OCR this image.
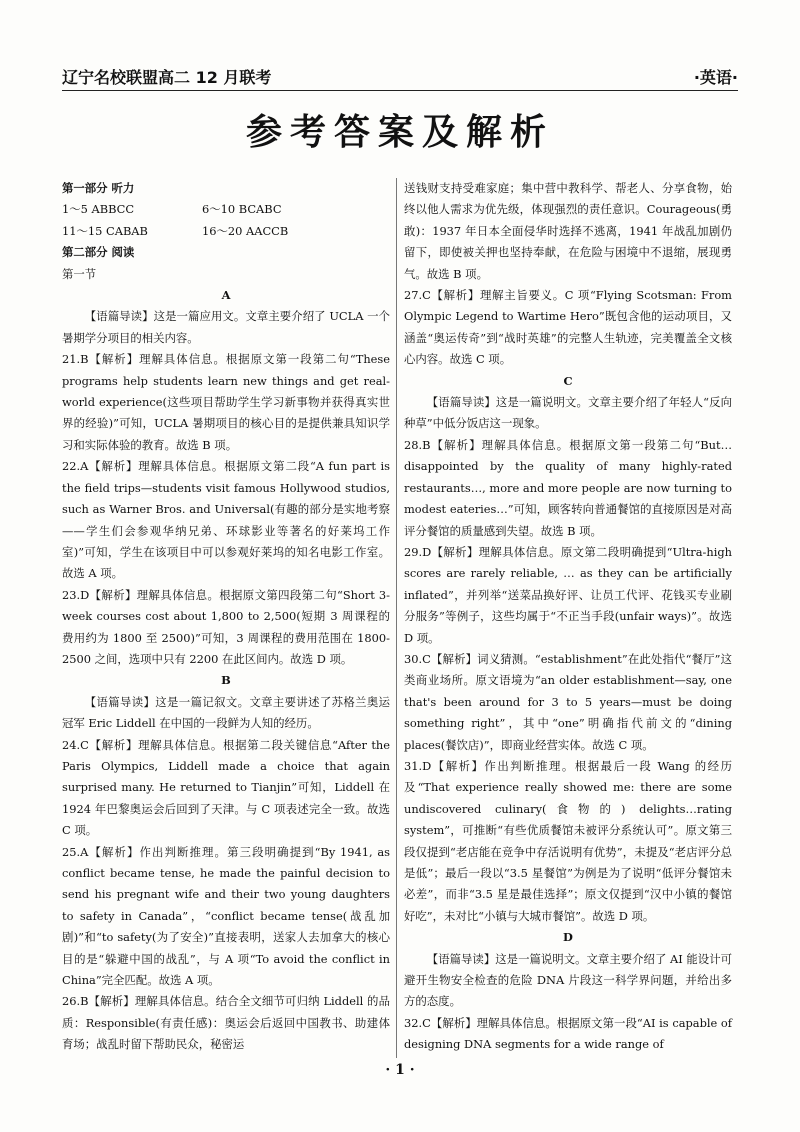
辽宁名校联盟高二 12 月联考	·英语·
参考答案及解析
第一部分 听力
1～5 ABBCC	6～10 BCABC
11～15 CABAB	16～20 AACCB
第二部分 阅读
第一节
A
【语篇导读】这是一篇应用文。文章主要介绍了 UCLA 一个暑期学分项目的相关内容。
21.B【解析】理解具体信息。根据原文第一段第二句“These programs help students learn new things and get real-world experience(这些项目帮助学生学习新事物并获得真实世界的经验)”可知，UCLA 暑期项目的核心目的是提供兼具知识学习和实际体验的教育。故选 B 项。
22.A【解析】理解具体信息。根据原文第二段“A fun part is the field trips—students visit famous Hollywood studios, such as Warner Bros. and Universal(有趣的部分是实地考察——学生们会参观华纳兄弟、环球影业等著名的好莱坞工作室)”可知，学生在该项目中可以参观好莱坞的知名电影工作室。故选 A 项。
23.D【解析】理解具体信息。根据原文第四段第二句“Short 3-week courses cost about 1,800 to 2,500(短期 3 周课程的费用约为 1800 至 2500)”可知，3 周课程的费用范围在 1800-2500 之间，选项中只有 2200 在此区间内。故选 D 项。
B
【语篇导读】这是一篇记叙文。文章主要讲述了苏格兰奥运冠军 Eric Liddell 在中国的一段鲜为人知的经历。
24.C【解析】理解具体信息。根据第二段关键信息“After the Paris Olympics, Liddell made a choice that again surprised many. He returned to Tianjin”可知，Liddell 在 1924 年巴黎奥运会后回到了天津。与 C 项表述完全一致。故选 C 项。
25.A【解析】作出判断推理。第三段明确提到“By 1941, as conflict became tense, he made the painful decision to send his pregnant wife and their two young daughters to safety in Canada”，“conflict became tense(战乱加剧)”和“to safety(为了安全)”直接表明，送家人去加拿大的核心目的是“躲避中国的战乱”，与 A 项“To avoid the conflict in China”完全匹配。故选 A 项。
26.B【解析】理解具体信息。结合全文细节可归纳 Liddell 的品质：Responsible(有责任感)：奥运会后返回中国教书、助建体育场；战乱时留下帮助民众，秘密运
送钱财支持受难家庭；集中营中教科学、帮老人、分享食物，始终以他人需求为优先级，体现强烈的责任意识。Courageous(勇敢)：1937 年日本全面侵华时选择不逃离，1941 年战乱加剧仍留下，即使被关押也坚持奉献，在危险与困境中不退缩，展现勇气。故选 B 项。
27.C【解析】理解主旨要义。C 项“Flying Scotsman: From Olympic Legend to Wartime Hero”既包含他的运动项目，又涵盖“奥运传奇”到“战时英雄”的完整人生轨迹，完美覆盖全文核心内容。故选 C 项。
C
【语篇导读】这是一篇说明文。文章主要介绍了年轻人“反向种草”中低分饭店这一现象。
28.B【解析】理解具体信息。根据原文第一段第二句“But…disappointed by the quality of many highly-rated restaurants…, more and more people are now turning to modest eateries…”可知，顾客转向普通餐馆的直接原因是对高评分餐馆的质量感到失望。故选 B 项。
29.D【解析】理解具体信息。原文第二段明确提到“Ultra-high scores are rarely reliable, … as they can be artificially inflated”，并列举“送菜品换好评、让员工代评、花钱买专业刷分服务”等例子，这些均属于“不正当手段(unfair ways)”。故选 D 项。
30.C【解析】词义猜测。“establishment”在此处指代“餐厅”这类商业场所。原文语境为“an older establishment—say, one that's been around for 3 to 5 years—must be doing something right”，其中“one”明确指代前文的“dining places(餐饮店)”，即商业经营实体。故选 C 项。
31.D【解析】作出判断推理。根据最后一段 Wang 的经历及“That experience really showed me: there are some undiscovered culinary(食物的) delights…rating system”，可推断“有些优质餐馆未被评分系统认可”。原文第三段仅提到“老店能在竞争中存活说明有优势”，未提及“老店评分总是低”；最后一段以“3.5 星餐馆”为例是为了说明“低评分餐馆未必差”，而非“3.5 星是最佳选择”；原文仅提到“汉中小镇的餐馆好吃”，未对比“小镇与大城市餐馆”。故选 D 项。
D
【语篇导读】这是一篇说明文。文章主要介绍了 AI 能设计可避开生物安全检查的危险 DNA 片段这一科学界问题，并给出多方的态度。
32.C【解析】理解具体信息。根据原文第一段“AI is capable of designing DNA segments for a wide range of
· 1 ·
